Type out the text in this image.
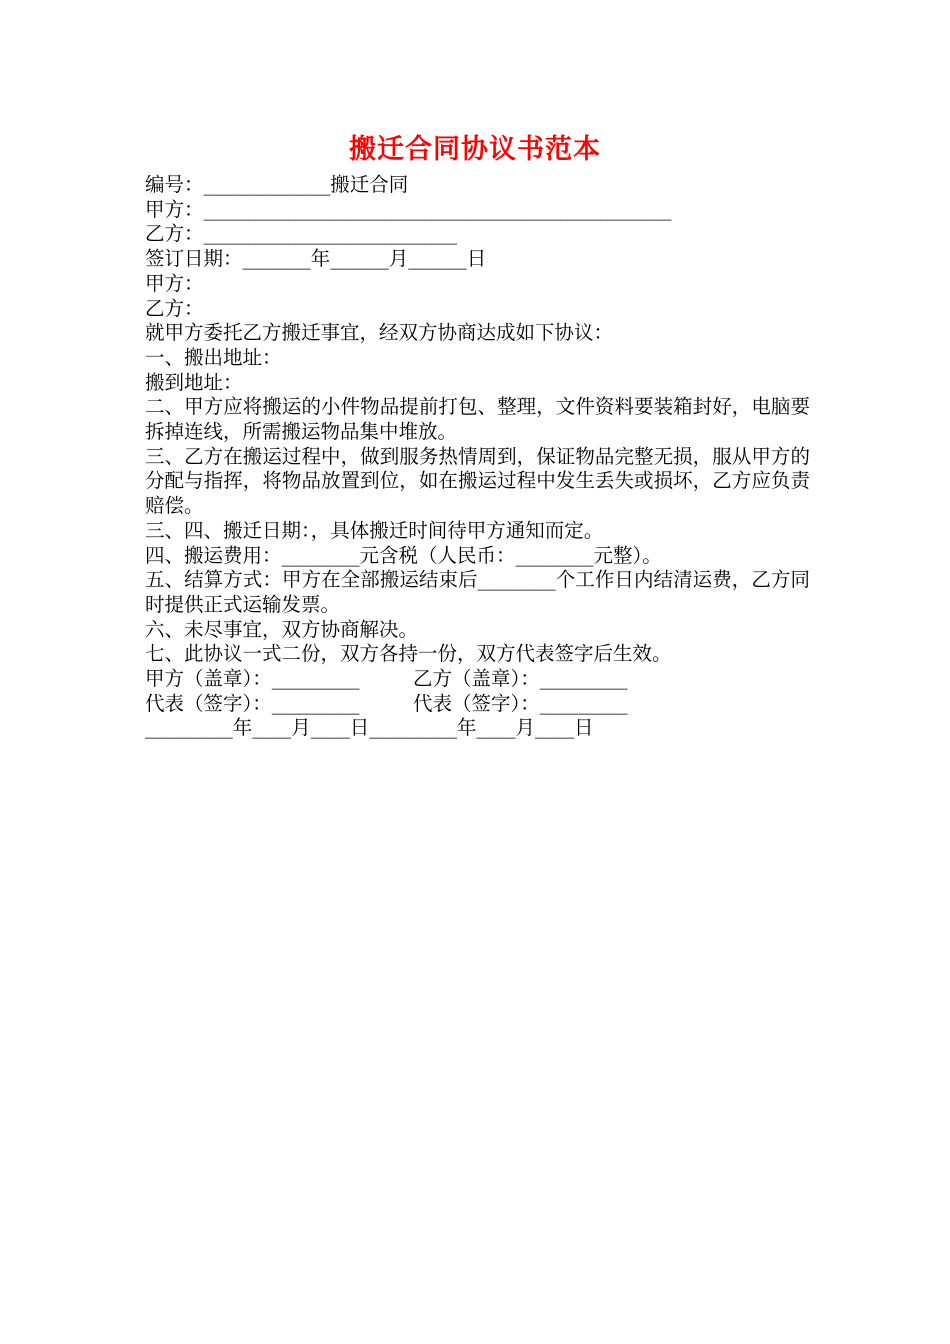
搬迁合同协议书范本
编号：_____________搬迁合同
甲方：________________________________________________
乙方：__________________________
签订日期：_______年______月______日
甲方：
乙方：
就甲方委托乙方搬迁事宜，经双方协商达成如下协议：
一、搬出地址：
搬到地址：
二、甲方应将搬运的小件物品提前打包、整理，文件资料要装箱封好，电脑要拆掉连线，所需搬运物品集中堆放。
三、乙方在搬运过程中，做到服务热情周到，保证物品完整无损，服从甲方的分配与指挥，将物品放置到位，如在搬运过程中发生丢失或损坏，乙方应负责赔偿。
三、四、搬迁日期：，具体搬迁时间待甲方通知而定。
四、搬运费用：________元含税（人民币：________元整）。
五、结算方式：甲方在全部搬运结束后________个工作日内结清运费，乙方同时提供正式运输发票。
六、未尽事宜，双方协商解决。
七、此协议一式二份，双方各持一份，双方代表签字后生效。
甲方（盖章）：_________	乙方（盖章）：_________
代表（签字）：_________	代表（签字）：_________
_________年____月____日_________年____月____日
